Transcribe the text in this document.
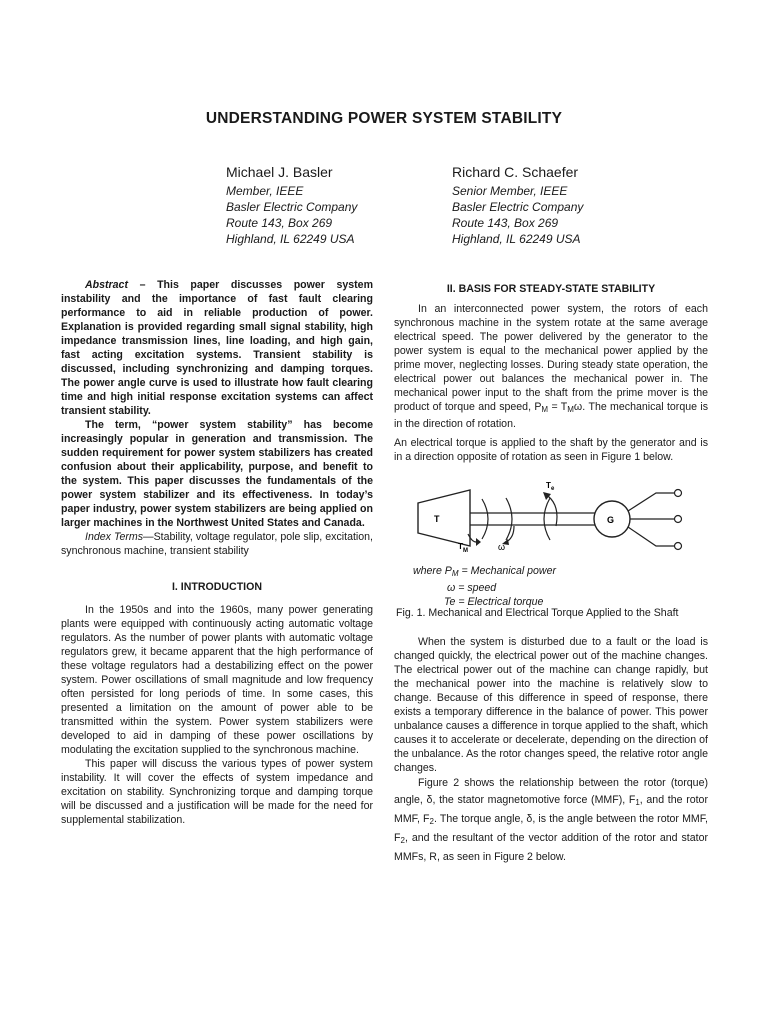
UNDERSTANDING POWER SYSTEM STABILITY
Michael J. Basler
Member, IEEE
Basler Electric Company
Route 143, Box 269
Highland, IL 62249 USA
Richard C. Schaefer
Senior Member, IEEE
Basler Electric Company
Route 143, Box 269
Highland, IL 62249 USA

Abstract – This paper discusses power system instability and the importance of fast fault clearing performance to aid in reliable production of power. Explanation is provided regarding small signal stability, high impedance transmission lines, line loading, and high gain, fast acting excitation systems. Transient stability is discussed, including synchronizing and damping torques. The power angle curve is used to illustrate how fault clearing time and high initial response excitation systems can affect transient stability.

The term, “power system stability” has become increasingly popular in generation and transmission. The sudden requirement for power system stabilizers has created confusion about their applicability, purpose, and benefit to the system. This paper discusses the fundamentals of the power system stabilizer and its effectiveness. In today’s paper industry, power system stabilizers are being applied on larger machines in the Northwest United States and Canada.

Index Terms—Stability, voltage regulator, pole slip, excitation, synchronous machine, transient stability

I. INTRODUCTION

In the 1950s and into the 1960s, many power generating plants were equipped with continuously acting automatic voltage regulators. As the number of power plants with automatic voltage regulators grew, it became apparent that the high performance of these voltage regulators had a destabilizing effect on the power system. Power oscillations of small magnitude and low frequency often persisted for long periods of time. In some cases, this presented a limitation on the amount of power able to be transmitted within the system. Power system stabilizers were developed to aid in damping of these power oscillations by modulating the excitation supplied to the synchronous machine.

This paper will discuss the various types of power system instability. It will cover the effects of system impedance and excitation on stability. Synchronizing torque and damping torque will be discussed and a justification will be made for the need for supplemental stabilization.

II. BASIS FOR STEADY-STATE STABILITY

In an interconnected power system, the rotors of each synchronous machine in the system rotate at the same average electrical speed. The power delivered by the generator to the power system is equal to the mechanical power applied by the prime mover, neglecting losses. During steady state operation, the electrical power out balances the mechanical power in. The mechanical power input to the shaft from the prime mover is the product of torque and speed, $P_M = T_M\omega$. The mechanical torque is in the direction of rotation.

An electrical torque is applied to the shaft by the generator and is in a direction opposite of rotation as seen in Figure 1 below.

T	G
T e
T M	ω
where $P_M$ = Mechanical power
ω = speed
Te = Electrical torque
Fig. 1. Mechanical and Electrical Torque Applied to the Shaft

When the system is disturbed due to a fault or the load is changed quickly, the electrical power out of the machine changes. The electrical power out of the machine can change rapidly, but the mechanical power into the machine is relatively slow to change. Because of this difference in speed of response, there exists a temporary difference in the balance of power. This power unbalance causes a difference in torque applied to the shaft, which causes it to accelerate or decelerate, depending on the direction of the unbalance. As the rotor changes speed, the relative rotor angle changes.

Figure 2 shows the relationship between the rotor (torque) angle, δ, the stator magnetomotive force (MMF), $F_1$, and the rotor MMF, $F_2$. The torque angle, δ, is the angle between the rotor MMF, $F_2$, and the resultant of the vector addition of the rotor and stator MMFs, R, as seen in Figure 2 below.
